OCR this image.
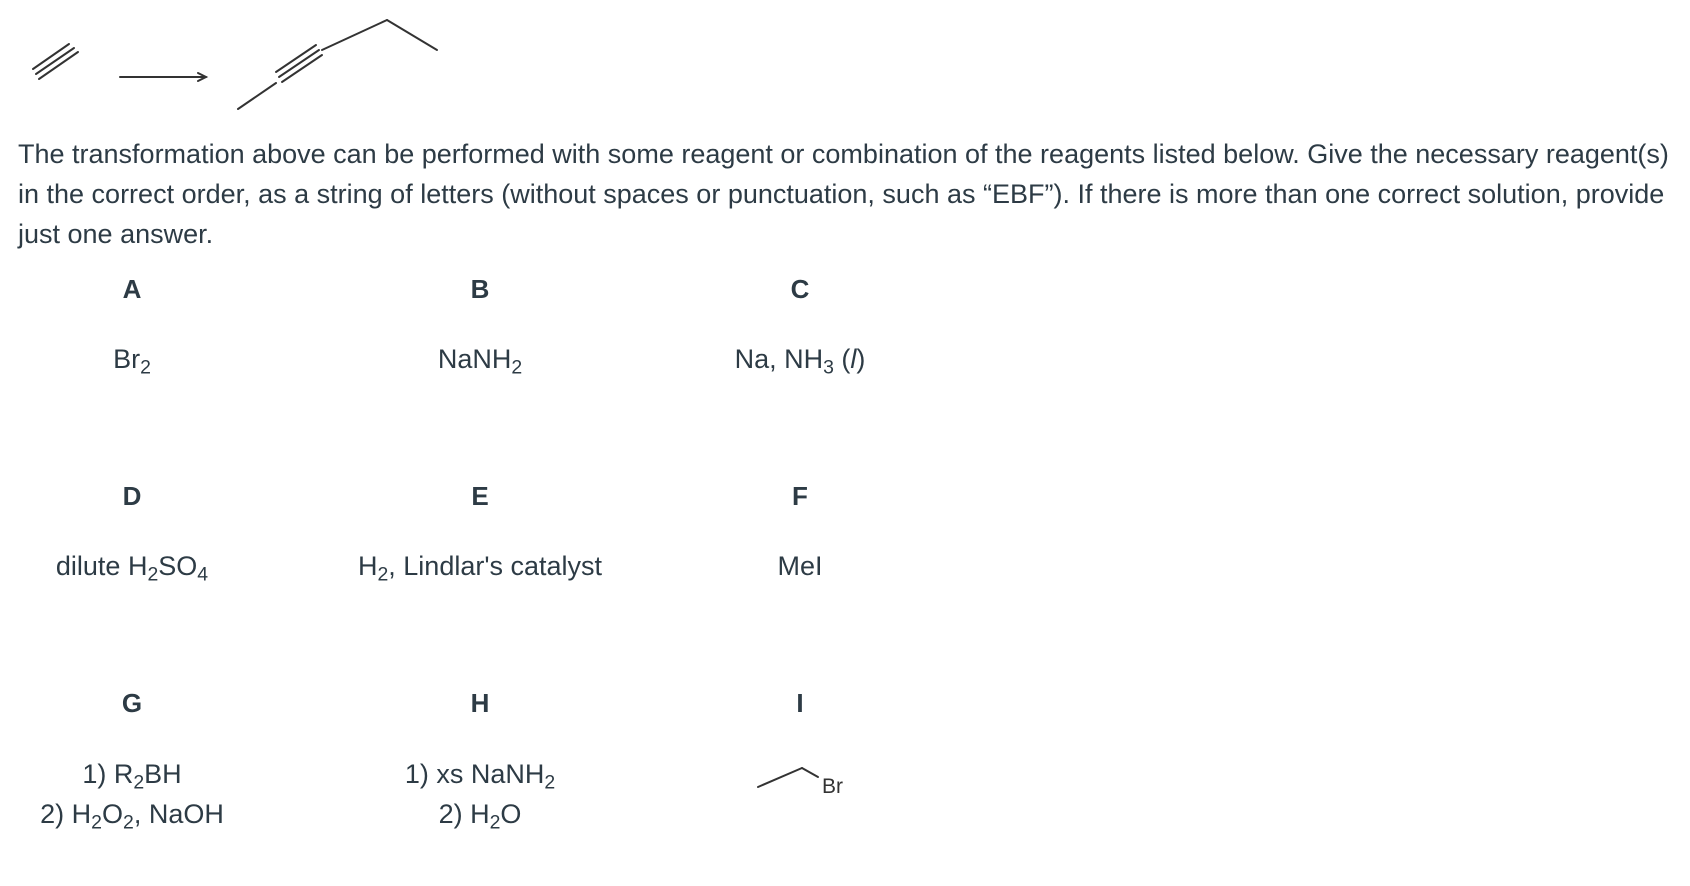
The transformation above can be performed with some reagent or combination of the reagents listed below. Give the necessary reagent(s) in the correct order, as a string of letters (without spaces or punctuation, such as “EBF”). If there is more than one correct solution, provide just one answer.

A
$Br_2$
B
NaNH$_2$
C
Na, $NH_3$ (l)
D
dilute $H_2SO_4$
E
$H_2$, Lindlar's catalyst
F
MeI
G
1) $R_2BH$
2) $H_2O_2$, NaOH
H
1) xs NaNH$_2$
2) $H_2O$
I
Br
